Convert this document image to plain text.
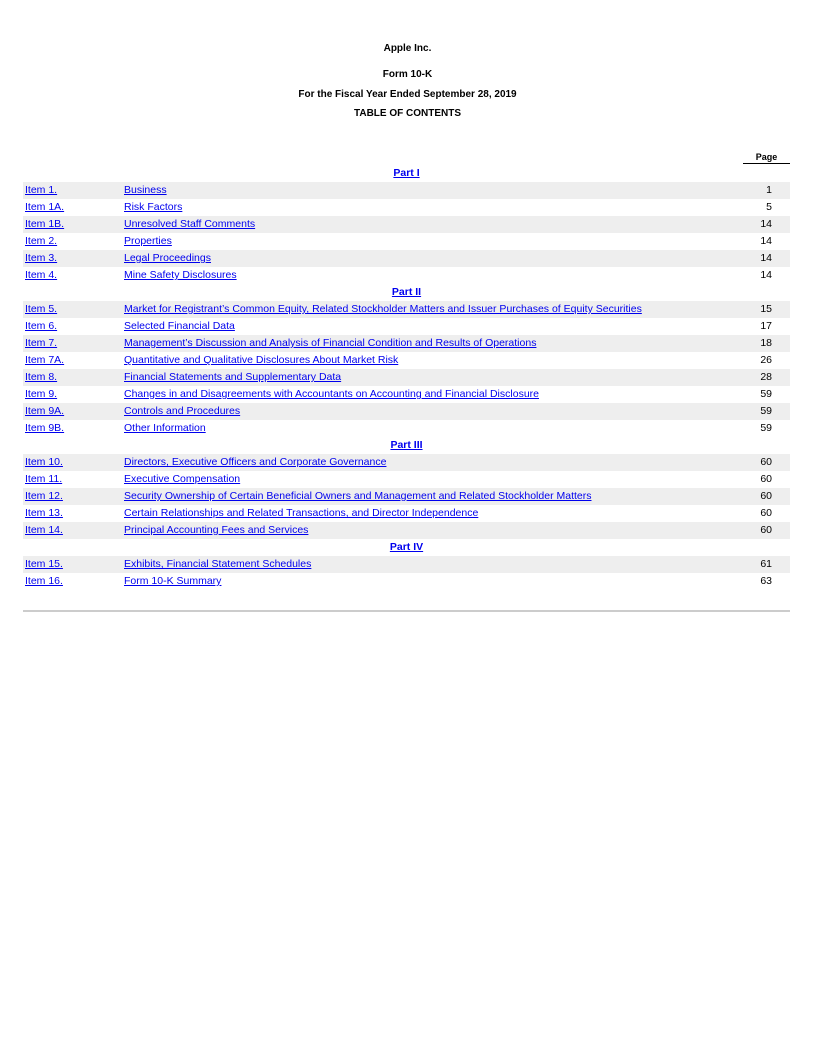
Apple Inc.
Form 10-K
For the Fiscal Year Ended September 28, 2019
TABLE OF CONTENTS
Page
Part I
Item 1.	Business	1
Item 1A.	Risk Factors	5
Item 1B.	Unresolved Staff Comments	14
Item 2.	Properties	14
Item 3.	Legal Proceedings	14
Item 4.	Mine Safety Disclosures	14
Part II
Item 5.	Market for Registrant’s Common Equity, Related Stockholder Matters and Issuer Purchases of Equity Securities	15
Item 6.	Selected Financial Data	17
Item 7.	Management’s Discussion and Analysis of Financial Condition and Results of Operations	18
Item 7A.	Quantitative and Qualitative Disclosures About Market Risk	26
Item 8.	Financial Statements and Supplementary Data	28
Item 9.	Changes in and Disagreements with Accountants on Accounting and Financial Disclosure	59
Item 9A.	Controls and Procedures	59
Item 9B.	Other Information	59
Part III
Item 10.	Directors, Executive Officers and Corporate Governance	60
Item 11.	Executive Compensation	60
Item 12.	Security Ownership of Certain Beneficial Owners and Management and Related Stockholder Matters	60
Item 13.	Certain Relationships and Related Transactions, and Director Independence	60
Item 14.	Principal Accounting Fees and Services	60
Part IV
Item 15.	Exhibits, Financial Statement Schedules	61
Item 16.	Form 10-K Summary	63
